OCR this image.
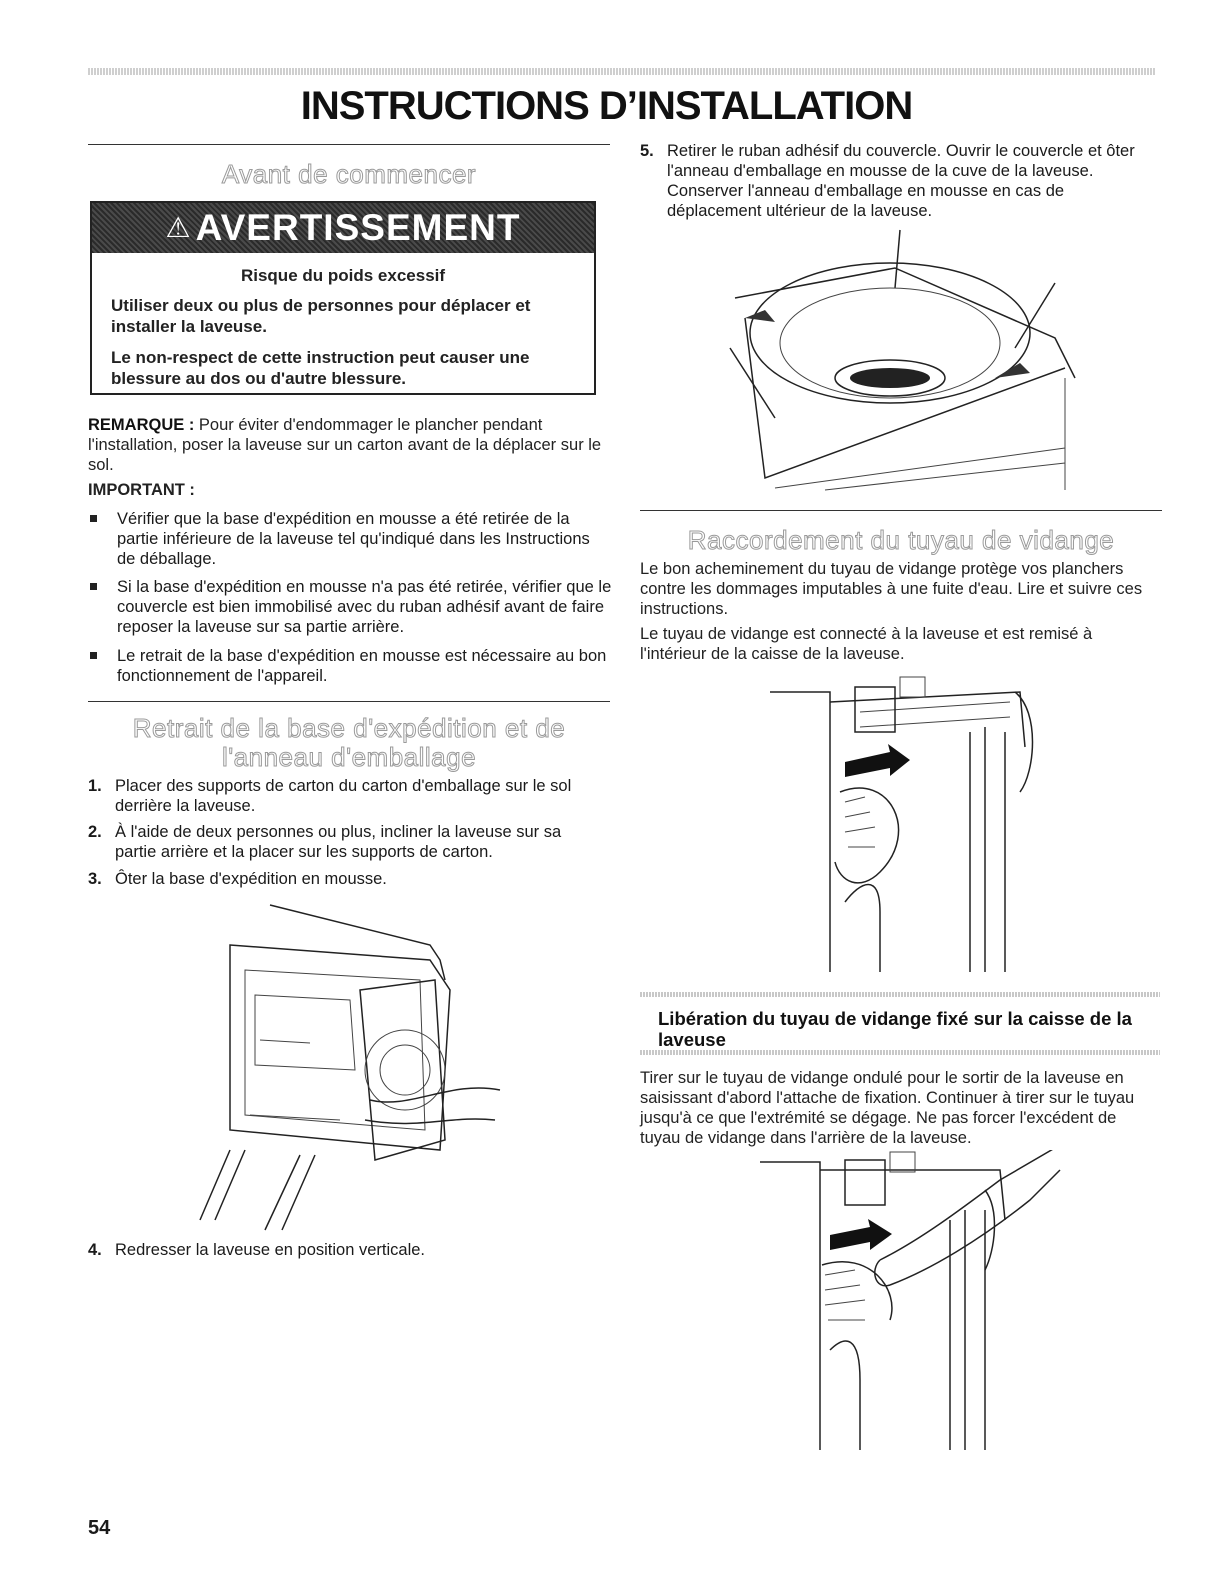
INSTRUCTIONS D’INSTALLATION
Avant de commencer
⚠ AVERTISSEMENT
Risque du poids excessif
Utiliser deux ou plus de personnes pour déplacer et installer la laveuse.
Le non-respect de cette instruction peut causer une blessure au dos ou d'autre blessure.
REMARQUE : Pour éviter d'endommager le plancher pendant l'installation, poser la laveuse sur un carton avant de la déplacer sur le sol.
IMPORTANT :
Vérifier que la base d'expédition en mousse a été retirée de la partie inférieure de la laveuse tel qu'indiqué dans les Instructions de déballage.
Si la base d'expédition en mousse n'a pas été retirée, vérifier que le couvercle est bien immobilisé avec du ruban adhésif avant de faire reposer la laveuse sur sa partie arrière.
Le retrait de la base d'expédition en mousse est nécessaire au bon fonctionnement de l'appareil.
Retrait de la base d'expédition et de
l'anneau d'emballage
1. Placer des supports de carton du carton d'emballage sur le sol derrière la laveuse.
2. À l'aide de deux personnes ou plus, incliner la laveuse sur sa partie arrière et la placer sur les supports de carton.
3. Ôter la base d'expédition en mousse.
4. Redresser la laveuse en position verticale.
54
5. Retirer le ruban adhésif du couvercle. Ouvrir le couvercle et ôter l'anneau d'emballage en mousse de la cuve de la laveuse. Conserver l'anneau d'emballage en mousse en cas de déplacement ultérieur de la laveuse.
Raccordement du tuyau de vidange
Le bon acheminement du tuyau de vidange protège vos planchers contre les dommages imputables à une fuite d'eau. Lire et suivre ces instructions.
Le tuyau de vidange est connecté à la laveuse et est remisé à l'intérieur de la caisse de la laveuse.
Libération du tuyau de vidange fixé sur la caisse de la laveuse
Tirer sur le tuyau de vidange ondulé pour le sortir de la laveuse en saisissant d'abord l'attache de fixation. Continuer à tirer sur le tuyau jusqu'à ce que l'extrémité se dégage. Ne pas forcer l'excédent de tuyau de vidange dans l'arrière de la laveuse.
